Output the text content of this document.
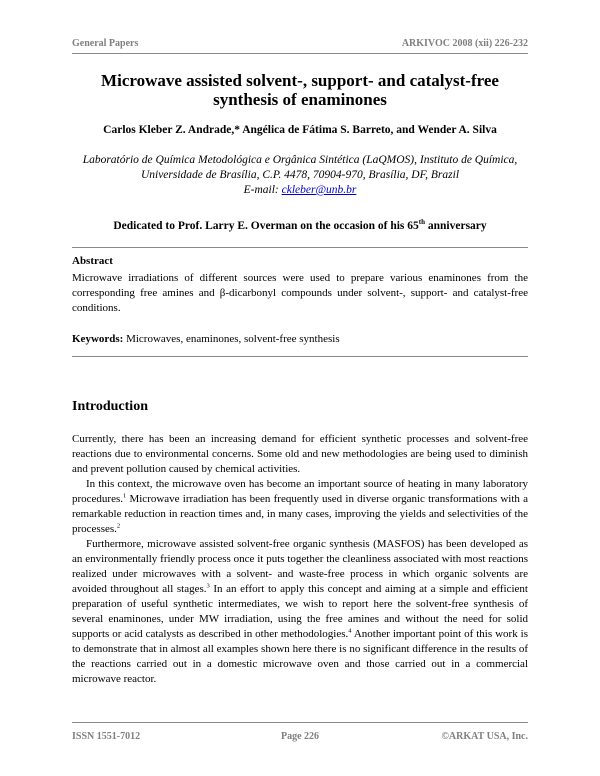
General Papers	ARKIVOC 2008 (xii) 226-232
Microwave assisted solvent-, support- and catalyst-free synthesis of enaminones
Carlos Kleber Z. Andrade,* Angélica de Fátima S. Barreto, and Wender A. Silva
Laboratório de Química Metodológica e Orgânica Sintética (LaQMOS), Instituto de Química,
Universidade de Brasília, C.P. 4478, 70904-970, Brasília, DF, Brazil
E-mail: ckleber@unb.br
Dedicated to Prof. Larry E. Overman on the occasion of his 65th anniversary
Abstract
Microwave irradiations of different sources were used to prepare various enaminones from the corresponding free amines and β-dicarbonyl compounds under solvent-, support- and catalyst-free conditions.
Keywords: Microwaves, enaminones, solvent-free synthesis
Introduction

Currently, there has been an increasing demand for efficient synthetic processes and solvent-free reactions due to environmental concerns. Some old and new methodologies are being used to diminish and prevent pollution caused by chemical activities.

In this context, the microwave oven has become an important source of heating in many laboratory procedures.$^1$ Microwave irradiation has been frequently used in diverse organic transformations with a remarkable reduction in reaction times and, in many cases, improving the yields and selectivities of the processes.$^2$

Furthermore, microwave assisted solvent-free organic synthesis (MASFOS) has been developed as an environmentally friendly process once it puts together the cleanliness associated with most reactions realized under microwaves with a solvent- and waste-free process in which organic solvents are avoided throughout all stages.$^3$ In an effort to apply this concept and aiming at a simple and efficient preparation of useful synthetic intermediates, we wish to report here the solvent-free synthesis of several enaminones, under MW irradiation, using the free amines and without the need for solid supports or acid catalysts as described in other methodologies.$^4$ Another important point of this work is to demonstrate that in almost all examples shown here there is no significant difference in the results of the reactions carried out in a domestic microwave oven and those carried out in a commercial microwave reactor.

ISSN 1551-7012	Page 226	©ARKAT USA, Inc.
